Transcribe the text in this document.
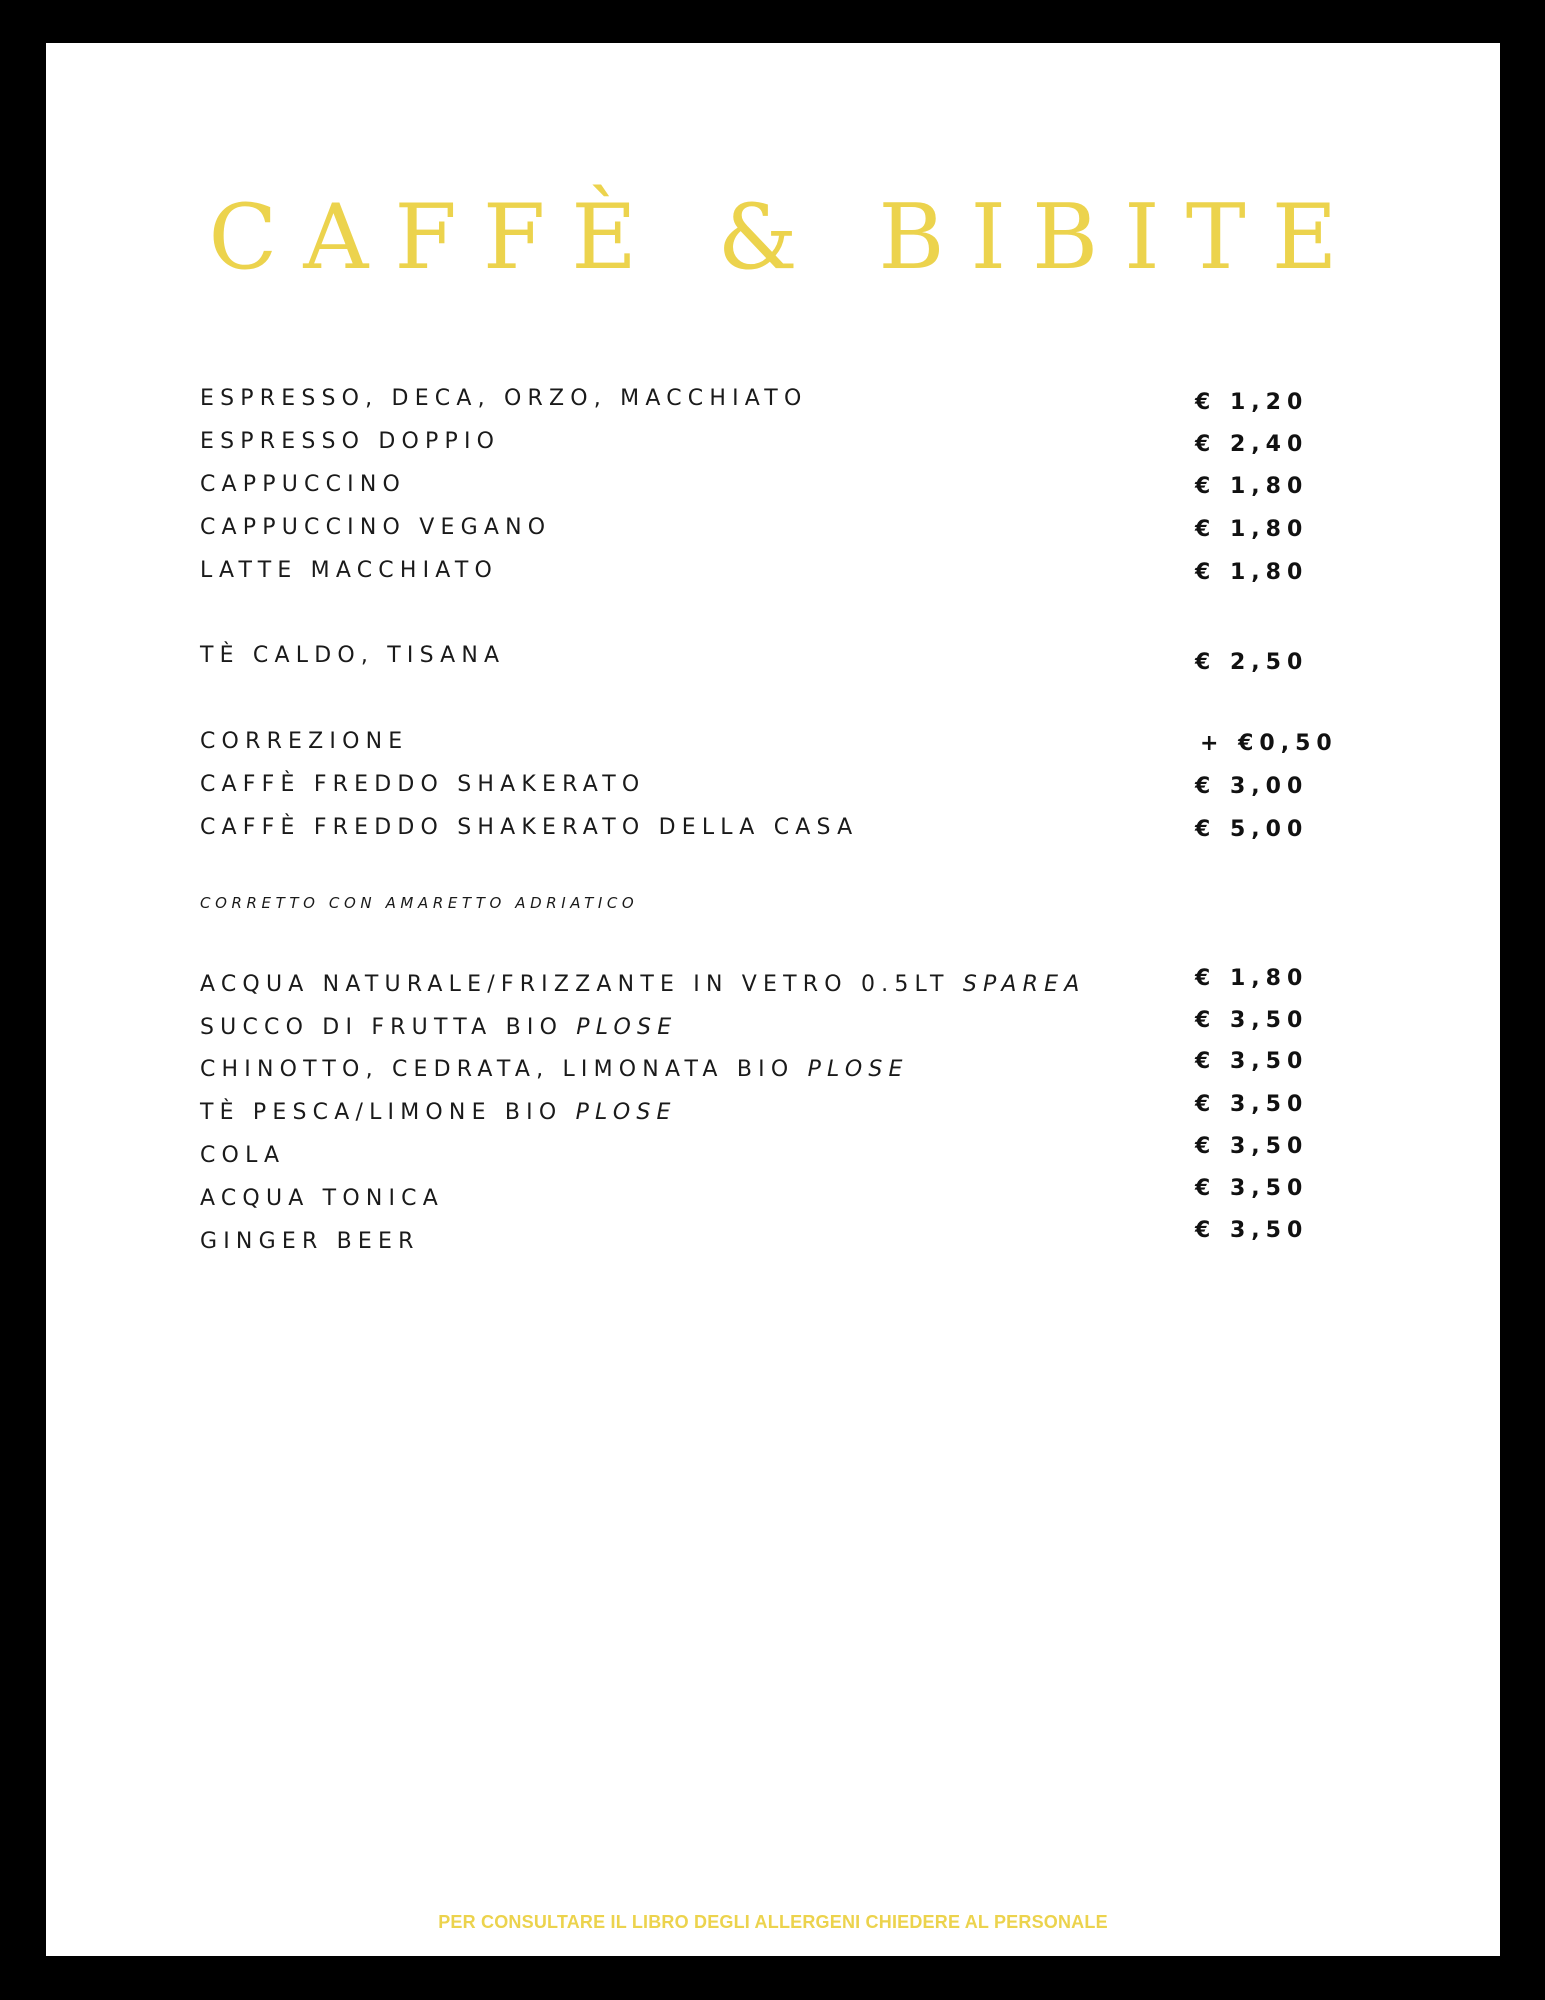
CAFFÈ & BIBITE
ESPRESSO, DECA, ORZO, MACCHIATO	€ 1,20
ESPRESSO DOPPIO	€ 2,40
CAPPUCCINO	€ 1,80
CAPPUCCINO VEGANO	€ 1,80
LATTE MACCHIATO	€ 1,80
TÈ CALDO, TISANA	€ 2,50
CORREZIONE	+ €0,50
CAFFÈ FREDDO SHAKERATO	€ 3,00
CAFFÈ FREDDO SHAKERATO DELLA CASA	€ 5,00
CORRETTO CON AMARETTO ADRIATICO
ACQUA NATURALE/FRIZZANTE IN VETRO 0.5LT SPAREA	€ 1,80
SUCCO DI FRUTTA BIO PLOSE	€ 3,50
CHINOTTO, CEDRATA, LIMONATA BIO PLOSE	€ 3,50
TÈ PESCA/LIMONE BIO PLOSE	€ 3,50
COLA	€ 3,50
ACQUA TONICA	€ 3,50
GINGER BEER	€ 3,50
PER CONSULTARE IL LIBRO DEGLI ALLERGENI CHIEDERE AL PERSONALE
